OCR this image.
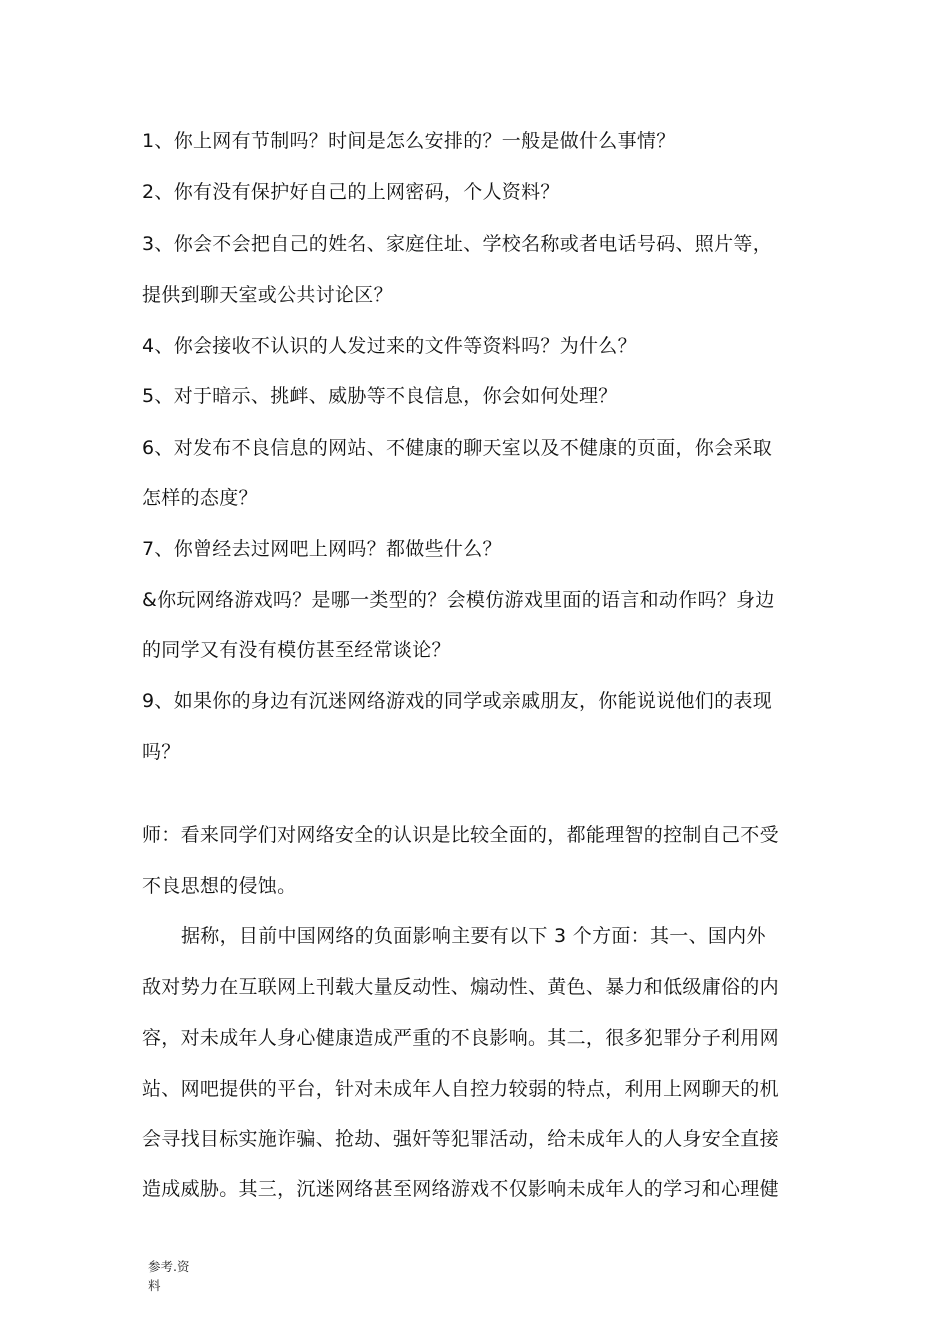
1、你上网有节制吗？时间是怎么安排的？一般是做什么事情？
2、你有没有保护好自己的上网密码，个人资料？
3、你会不会把自己的姓名、家庭住址、学校名称或者电话号码、照片等，
提供到聊天室或公共讨论区？
4、你会接收不认识的人发过来的文件等资料吗？为什么？
5、对于暗示、挑衅、威胁等不良信息，你会如何处理？
6、对发布不良信息的网站、不健康的聊天室以及不健康的页面，你会采取
怎样的态度？
7、你曾经去过网吧上网吗？都做些什么？
&你玩网络游戏吗？是哪一类型的？会模仿游戏里面的语言和动作吗？身边
的同学又有没有模仿甚至经常谈论？
9、如果你的身边有沉迷网络游戏的同学或亲戚朋友，你能说说他们的表现
吗？
师：看来同学们对网络安全的认识是比较全面的，都能理智的控制自己不受
不良思想的侵蚀。
据称，目前中国网络的负面影响主要有以下 3 个方面：其一、国内外
敌对势力在互联网上刊载大量反动性、煽动性、黄色、暴力和低级庸俗的内
容，对未成年人身心健康造成严重的不良影响。其二，很多犯罪分子利用网
站、网吧提供的平台，针对未成年人自控力较弱的特点，利用上网聊天的机
会寻找目标实施诈骗、抢劫、强奸等犯罪活动，给未成年人的人身安全直接
造成威胁。其三，沉迷网络甚至网络游戏不仅影响未成年人的学习和心理健
参考.资
料
